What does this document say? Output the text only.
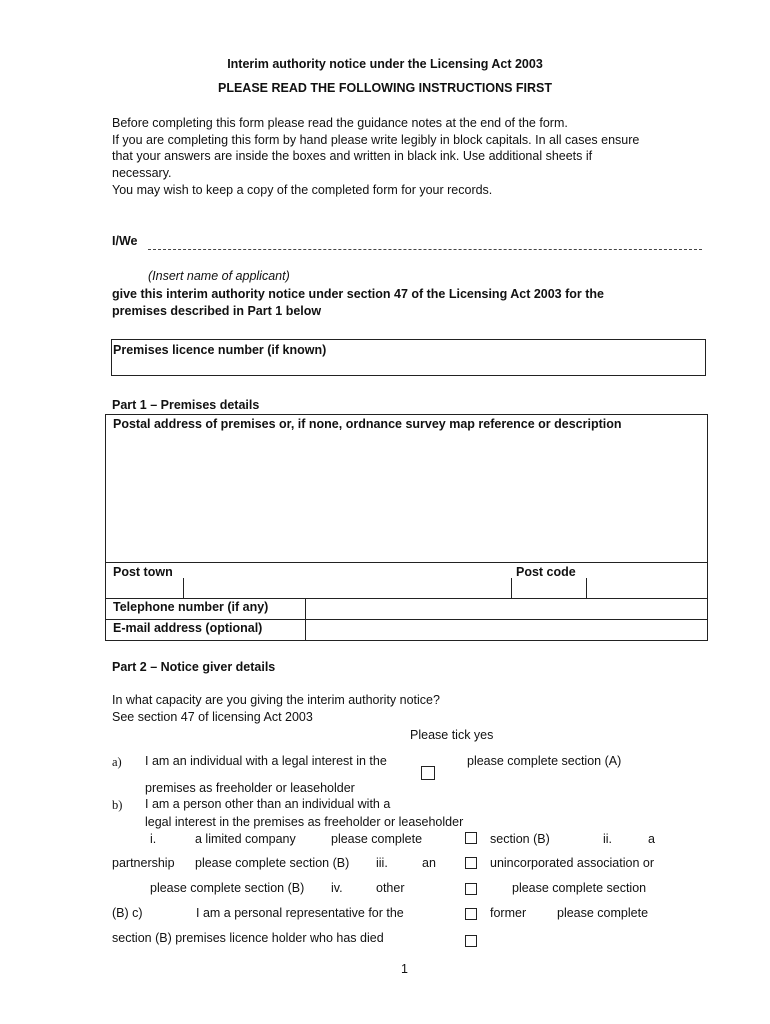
Interim authority notice under the Licensing Act 2003
PLEASE READ THE FOLLOWING INSTRUCTIONS FIRST
Before completing this form please read the guidance notes at the end of the form.
If you are completing this form by hand please write legibly in block capitals. In all cases ensure
that your answers are inside the boxes and written in black ink. Use additional sheets if
necessary.
You may wish to keep a copy of the completed form for your records.
I/We
(Insert name of applicant)
give this interim authority notice under section 47 of the Licensing Act 2003 for the
premises described in Part 1 below
Premises licence number (if known)
Part 1 – Premises details
Postal address of premises or, if none, ordnance survey map reference or description
Post town	Post code
Telephone number (if any)
E-mail address (optional)
Part 2 – Notice giver details
In what capacity are you giving the interim authority notice?
See section 47 of licensing Act 2003
Please tick yes
a) I am an individual with a legal interest in the	please complete section (A)
premises as freeholder or leaseholder
b) I am a person other than an individual with a
legal interest in the premises as freeholder or leaseholder
i.	a limited company	please complete	section (B)	ii.	a
partnership please complete section (B) iii.	an	unincorporated association or
please complete section (B) iv.	other	please complete section
(B) c)	I am a personal representative for the	former please complete
section (B) premises licence holder who has died
1
